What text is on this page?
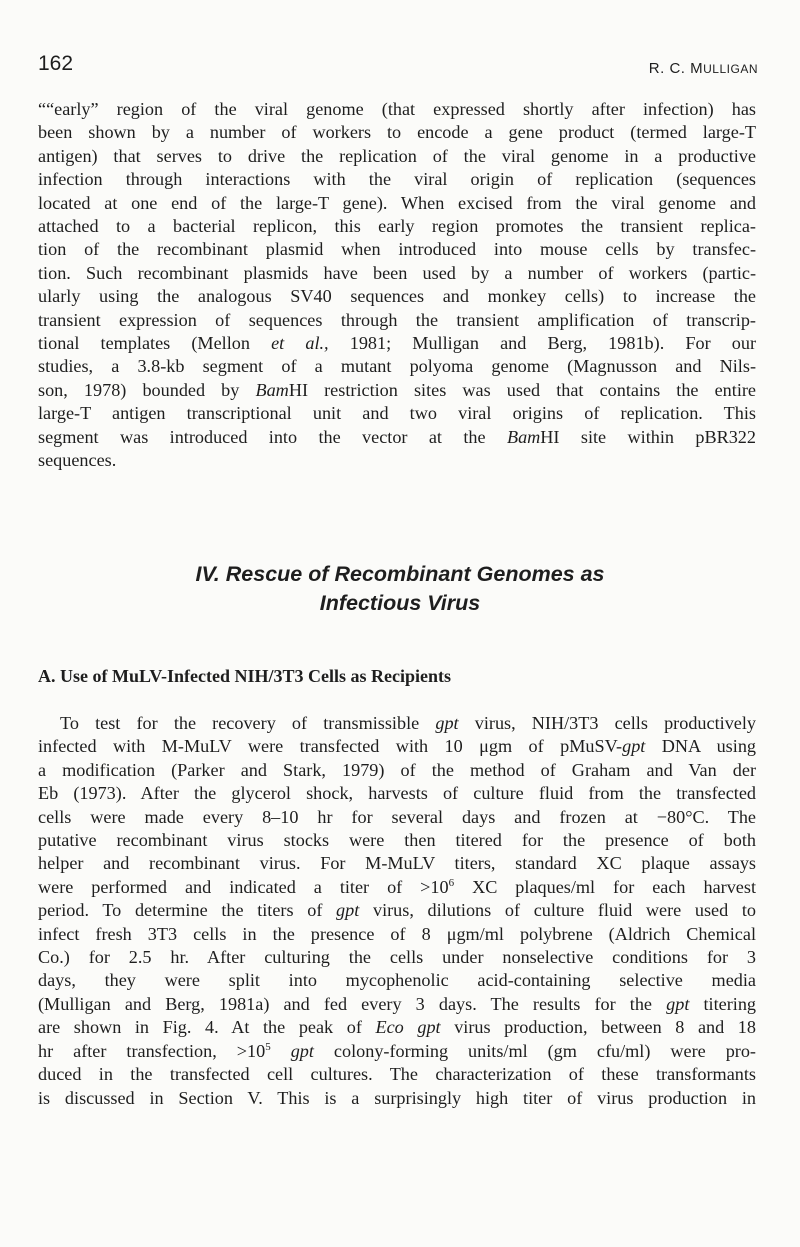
162	R. C. MULLIGAN
““early” region of the viral genome (that expressed shortly after infection) has
been shown by a number of workers to encode a gene product (termed large-T
antigen) that serves to drive the replication of the viral genome in a productive
infection through interactions with the viral origin of replication (sequences
located at one end of the large-T gene). When excised from the viral genome and
attached to a bacterial replicon, this early region promotes the transient replica-
tion of the recombinant plasmid when introduced into mouse cells by transfec-
tion. Such recombinant plasmids have been used by a number of workers (partic-
ularly using the analogous SV40 sequences and monkey cells) to increase the
transient expression of sequences through the transient amplification of transcrip-
tional templates (Mellon et al., 1981; Mulligan and Berg, 1981b). For our
studies, a 3.8-kb segment of a mutant polyoma genome (Magnusson and Nils-
son, 1978) bounded by BamHI restriction sites was used that contains the entire
large-T antigen transcriptional unit and two viral origins of replication. This
segment was introduced into the vector at the BamHI site within pBR322
sequences.
IV. Rescue of Recombinant Genomes as
Infectious Virus
A. Use of MuLV-Infected NIH/3T3 Cells as Recipients
To test for the recovery of transmissible gpt virus, NIH/3T3 cells productively
infected with M-MuLV were transfected with 10 μgm of pMuSV-gpt DNA using
a modification (Parker and Stark, 1979) of the method of Graham and Van der
Eb (1973). After the glycerol shock, harvests of culture fluid from the transfected
cells were made every 8–10 hr for several days and frozen at −80°C. The
putative recombinant virus stocks were then titered for the presence of both
helper and recombinant virus. For M-MuLV titers, standard XC plaque assays
were performed and indicated a titer of $>10^6$ XC plaques/ml for each harvest
period. To determine the titers of gpt virus, dilutions of culture fluid were used to
infect fresh 3T3 cells in the presence of 8 μgm/ml polybrene (Aldrich Chemical
Co.) for 2.5 hr. After culturing the cells under nonselective conditions for 3
days, they were split into mycophenolic acid-containing selective media
(Mulligan and Berg, 1981a) and fed every 3 days. The results for the gpt titering
are shown in Fig. 4. At the peak of Eco gpt virus production, between 8 and 18
hr after transfection, $>10^5$ gpt colony-forming units/ml (gm cfu/ml) were pro-
duced in the transfected cell cultures. The characterization of these transformants
is discussed in Section V. This is a surprisingly high titer of virus production in
